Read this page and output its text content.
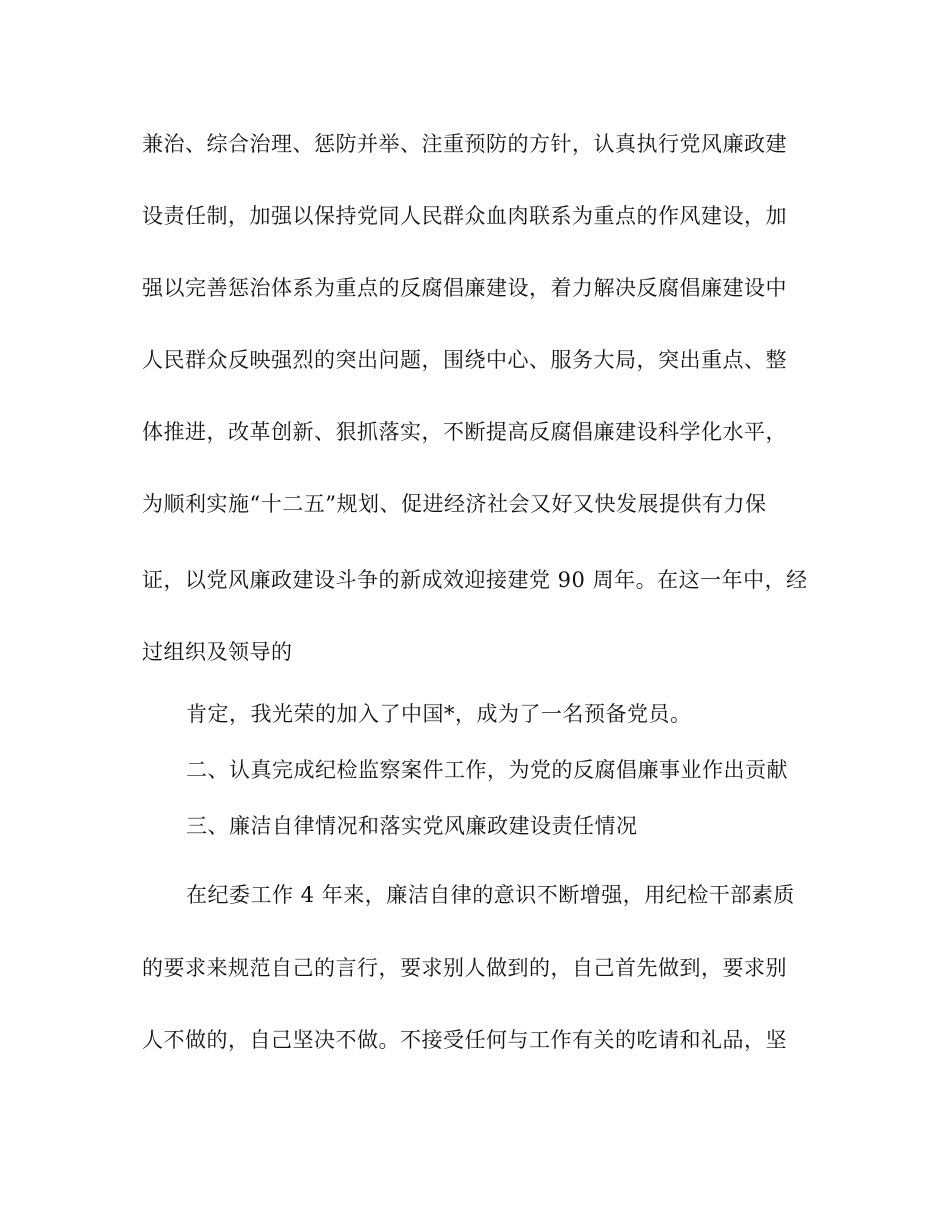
兼治、综合治理、惩防并举、注重预防的方针，认真执行党风廉政建
设责任制，加强以保持党同人民群众血肉联系为重点的作风建设，加
强以完善惩治体系为重点的反腐倡廉建设，着力解决反腐倡廉建设中
人民群众反映强烈的突出问题，围绕中心、服务大局，突出重点、整
体推进，改革创新、狠抓落实，不断提高反腐倡廉建设科学化水平，
为顺利实施“十二五”规划、促进经济社会又好又快发展提供有力保
证，以党风廉政建设斗争的新成效迎接建党 90 周年。在这一年中，经
过组织及领导的
肯定，我光荣的加入了中国*，成为了一名预备党员。
二、认真完成纪检监察案件工作，为党的反腐倡廉事业作出贡献
三、廉洁自律情况和落实党风廉政建设责任情况
在纪委工作 4 年来，廉洁自律的意识不断增强，用纪检干部素质
的要求来规范自己的言行，要求别人做到的，自己首先做到，要求别
人不做的，自己坚决不做。不接受任何与工作有关的吃请和礼品，坚
